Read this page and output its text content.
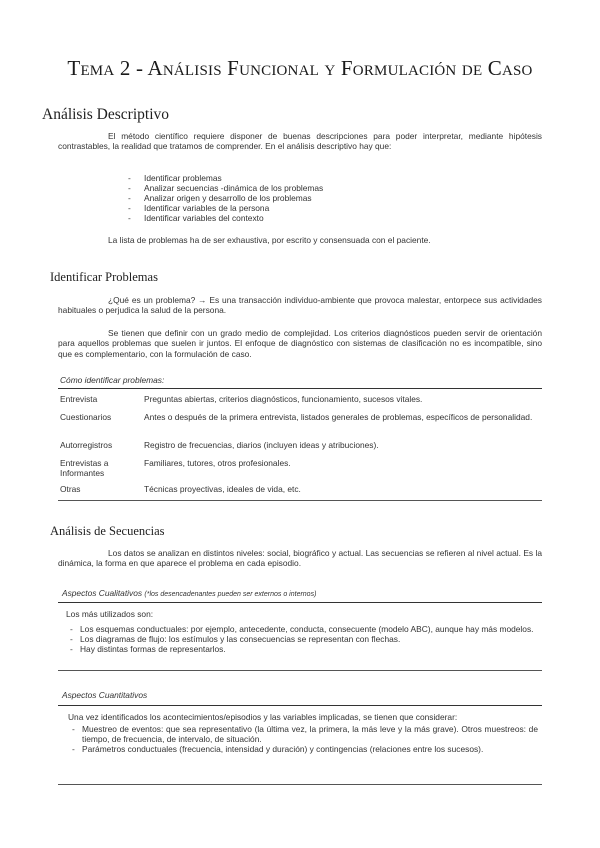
Tema 2 - Análisis Funcional y Formulación de Caso
Análisis Descriptivo
El método científico requiere disponer de buenas descripciones para poder interpretar, mediante hipótesis contrastables, la realidad que tratamos de comprender. En el análisis descriptivo hay que:
- Identificar problemas
- Analizar secuencias -dinámica de los problemas
- Analizar origen y desarrollo de los problemas
- Identificar variables de la persona
- Identificar variables del contexto
La lista de problemas ha de ser exhaustiva, por escrito y consensuada con el paciente.
Identificar Problemas
¿Qué es un problema? → Es una transacción individuo-ambiente que provoca malestar, entorpece sus actividades habituales o perjudica la salud de la persona.
Se tienen que definir con un grado medio de complejidad. Los criterios diagnósticos pueden servir de orientación para aquellos problemas que suelen ir juntos. El enfoque de diagnóstico con sistemas de clasificación no es incompatible, sino que es complementario, con la formulación de caso.
Cómo identificar problemas:
Entrevista	Preguntas abiertas, criterios diagnósticos, funcionamiento, sucesos vitales.
Cuestionarios	Antes o después de la primera entrevista, listados generales de problemas, específicos de personalidad.
Autorregistros	Registro de frecuencias, diarios (incluyen ideas y atribuciones).
Entrevistas a Informantes	Familiares, tutores, otros profesionales.
Otras	Técnicas proyectivas, ideales de vida, etc.
Análisis de Secuencias
Los datos se analizan en distintos niveles: social, biográfico y actual. Las secuencias se refieren al nivel actual. Es la dinámica, la forma en que aparece el problema en cada episodio.
Aspectos Cualitativos (*los desencadenantes pueden ser externos o internos)
Los más utilizados son:
- Los esquemas conductuales: por ejemplo, antecedente, conducta, consecuente (modelo ABC), aunque hay más modelos.
- Los diagramas de flujo: los estímulos y las consecuencias se representan con flechas.
- Hay distintas formas de representarlos.
Aspectos Cuantitativos
Una vez identificados los acontecimientos/episodios y las variables implicadas, se tienen que considerar:
- Muestreo de eventos: que sea representativo (la última vez, la primera, la más leve y la más grave). Otros muestreos: de tiempo, de frecuencia, de intervalo, de situación.
- Parámetros conductuales (frecuencia, intensidad y duración) y contingencias (relaciones entre los sucesos).
